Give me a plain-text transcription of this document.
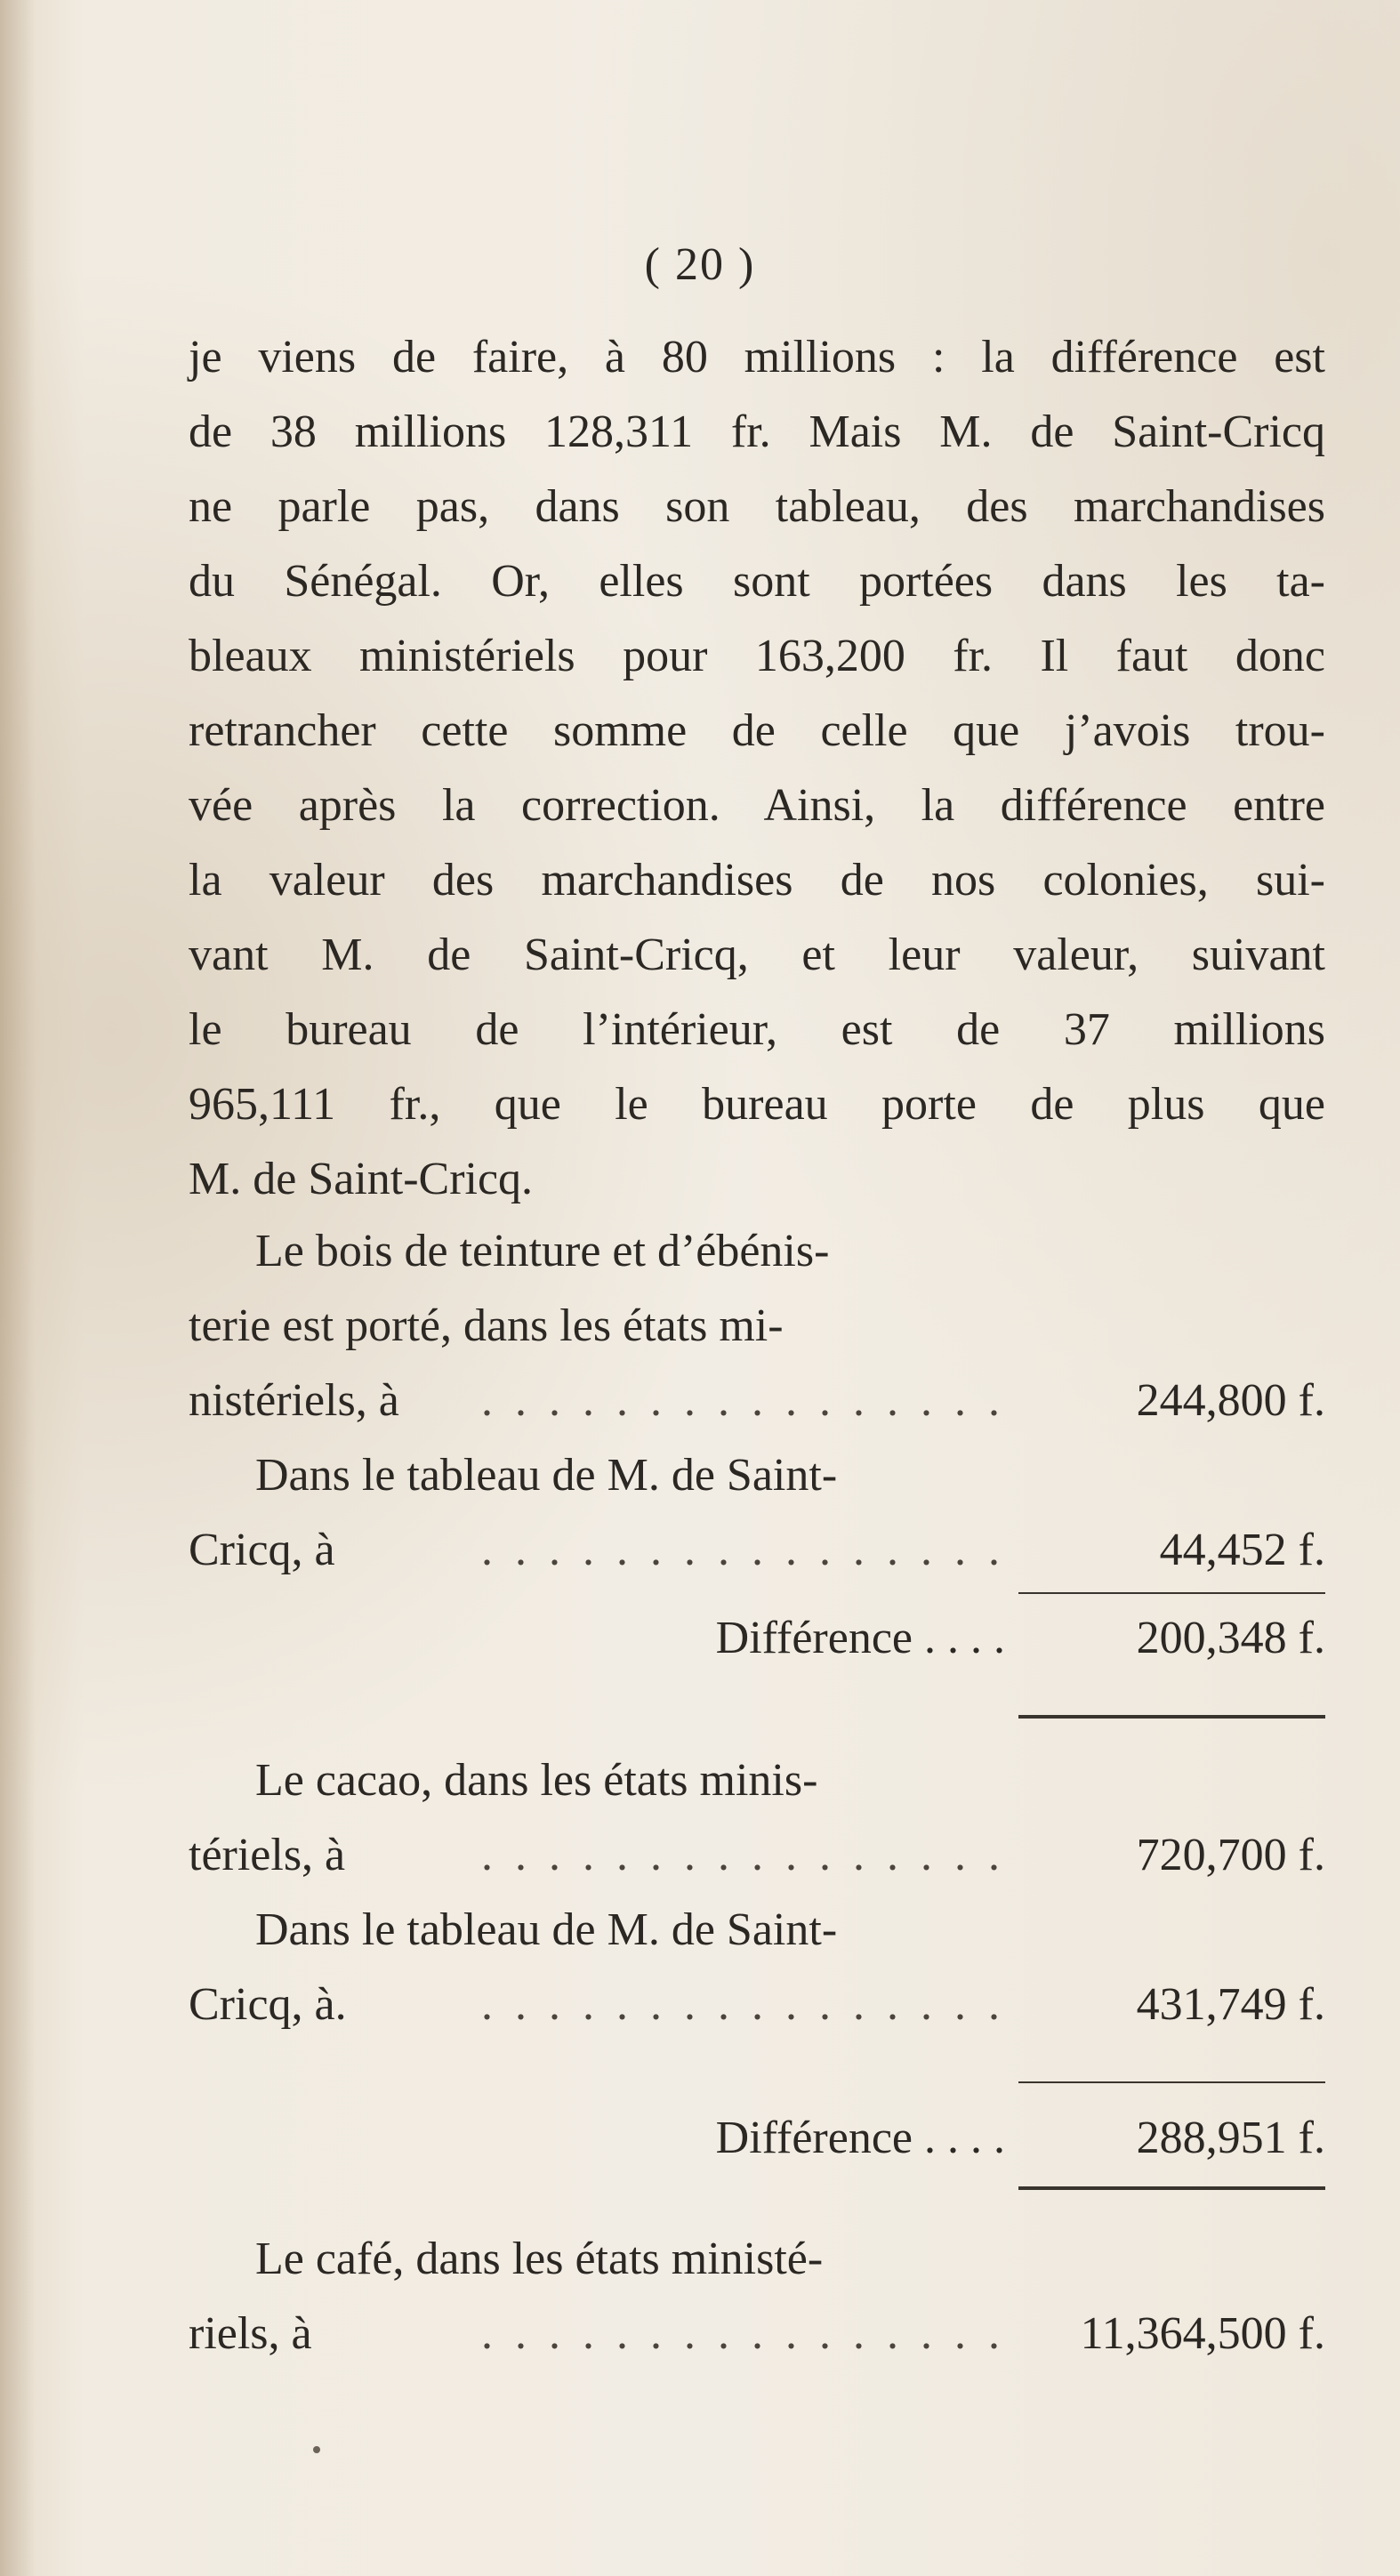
( 20 )
je viens de faire, à 80 millions : la différence est
de 38 millions 128,311 fr. Mais M. de Saint-Cricq
ne parle pas, dans son tableau, des marchandises
du Sénégal. Or, elles sont portées dans les ta-
bleaux ministériels pour 163,200 fr. Il faut donc
retrancher cette somme de celle que j’avois trou-
vée après la correction. Ainsi, la différence entre
la valeur des marchandises de nos colonies, sui-
vant M. de Saint-Cricq, et leur valeur, suivant
le bureau de l’intérieur, est de 37 millions
965,111 fr., que le bureau porte de plus que
M. de Saint-Cricq.
Le bois de teinture et d’ébénis-
terie est porté, dans les états mi-
nistériels, à . . . . . . . . . . . . . . . .	244,800 f.
Dans le tableau de M. de Saint-
Cricq, à	. . . . . . . . . . . . . . . .	44,452 f.
Différence . . . .	200,348 f.
Le cacao, dans les états minis-
tériels, à	. . . . . . . . . . . . . . . .	720,700 f.
Dans le tableau de M. de Saint-
Cricq, à.	. . . . . . . . . . . . . . . .	431,749 f.
Différence . . . .	288,951 f.
Le café, dans les états ministé-
riels, à	. . . . . . . . . . . . . . . . 11,364,500 f.
